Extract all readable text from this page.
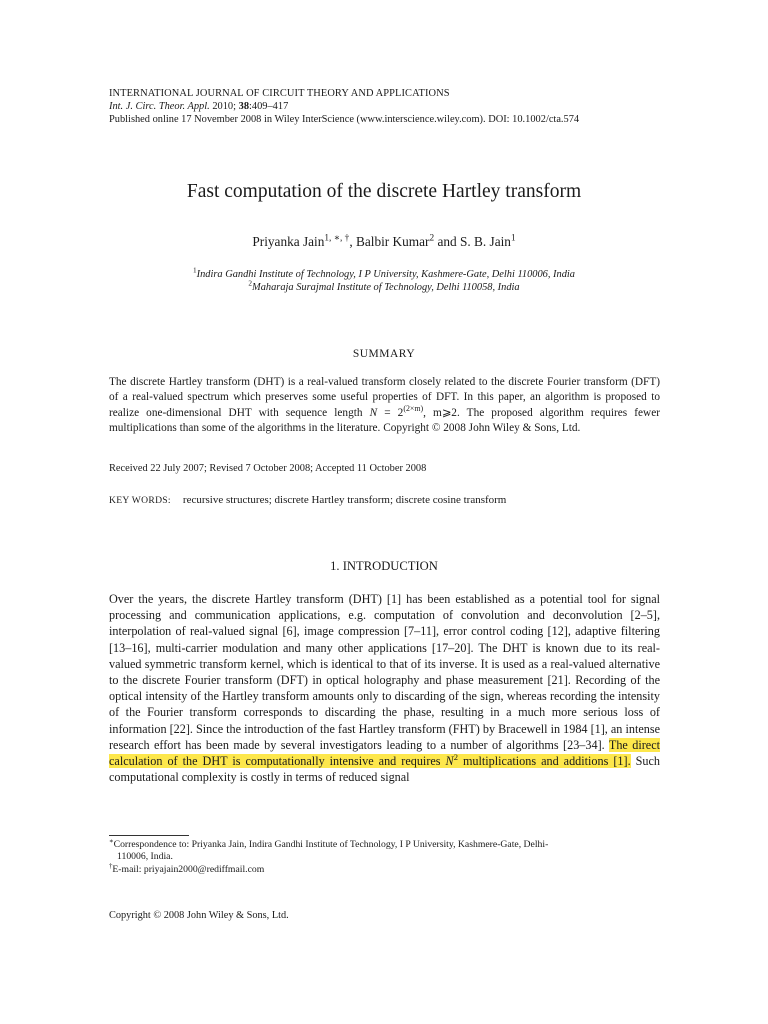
INTERNATIONAL JOURNAL OF CIRCUIT THEORY AND APPLICATIONS
Int. J. Circ. Theor. Appl. 2010; 38:409–417
Published online 17 November 2008 in Wiley InterScience (www.interscience.wiley.com). DOI: 10.1002/cta.574
Fast computation of the discrete Hartley transform
Priyanka Jain$^{1, ∗, \dagger}$, Balbir Kumar$^2$ and S. B. Jain$^1$
$^1$Indira Gandhi Institute of Technology, I P University, Kashmere-Gate, Delhi 110006, India
$^2$Maharaja Surajmal Institute of Technology, Delhi 110058, India
SUMMARY
The discrete Hartley transform (DHT) is a real-valued transform closely related to the discrete Fourier transform (DFT) of a real-valued spectrum which preserves some useful properties of DFT. In this paper, an algorithm is proposed to realize one-dimensional DHT with sequence length $N = 2^{(2\times m)}$, m⩾2. The proposed algorithm requires fewer multiplications than some of the algorithms in the literature. Copyright © 2008 John Wiley & Sons, Ltd.
Received 22 July 2007; Revised 7 October 2008; Accepted 11 October 2008
KEY WORDS: recursive structures; discrete Hartley transform; discrete cosine transform
1. INTRODUCTION
Over the years, the discrete Hartley transform (DHT) [1] has been established as a potential tool for signal processing and communication applications, e.g. computation of convolution and deconvolution [2–5], interpolation of real-valued signal [6], image compression [7–11], error control coding [12], adaptive filtering [13–16], multi-carrier modulation and many other applications [17–20]. The DHT is known due to its real-valued symmetric transform kernel, which is identical to that of its inverse. It is used as a real-valued alternative to the discrete Fourier transform (DFT) in optical holography and phase measurement [21]. Recording of the optical intensity of the Hartley transform amounts only to discarding of the sign, whereas recording the intensity of the Fourier transform corresponds to discarding the phase, resulting in a much more serious loss of information [22]. Since the introduction of the fast Hartley transform (FHT) by Bracewell in 1984 [1], an intense research effort has been made by several investigators leading to a number of algorithms [23–34]. The direct calculation of the DHT is computationally intensive and requires $N^2$ multiplications and additions [1]. Such computational complexity is costly in terms of reduced signal
∗Correspondence to: Priyanka Jain, Indira Gandhi Institute of Technology, I P University, Kashmere-Gate, Delhi-
110006, India.
†E-mail: priyajain2000@rediffmail.com
Copyright © 2008 John Wiley & Sons, Ltd.
